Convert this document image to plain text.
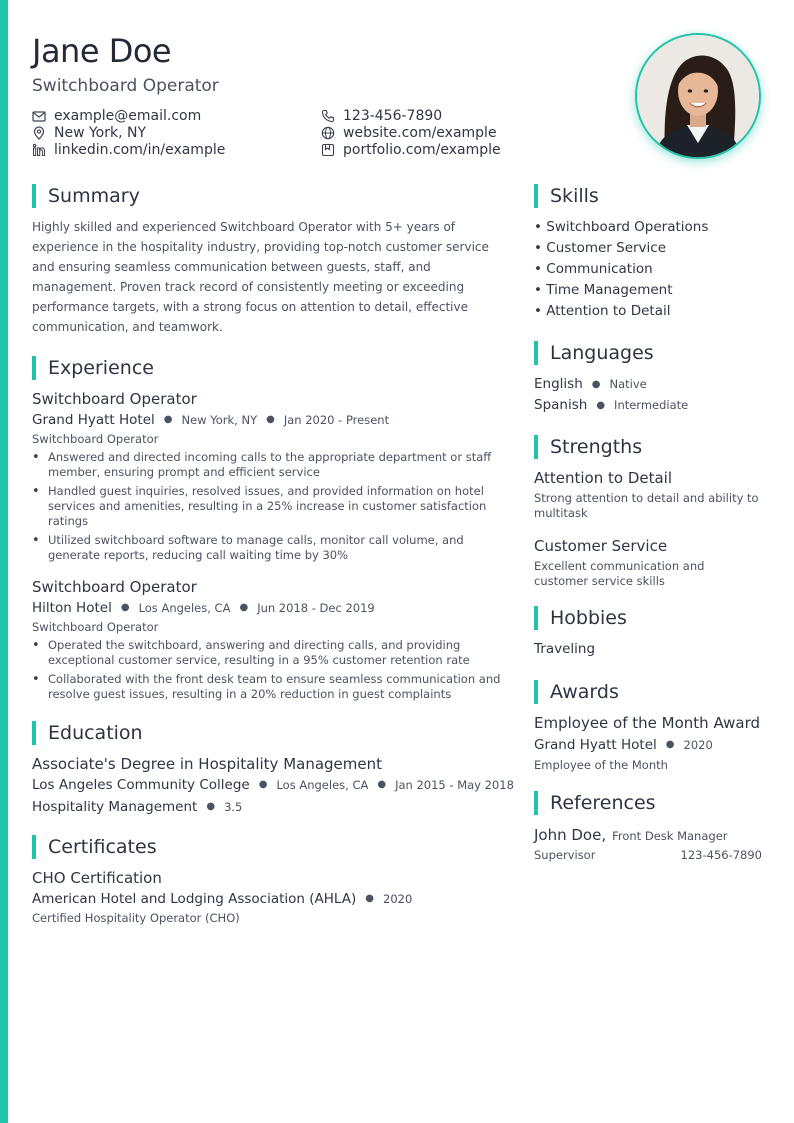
Jane Doe
Switchboard Operator
example@email.com	123-456-7890
New York, NY	website.com/example
linkedin.com/in/example	portfolio.com/example
Summary

Highly skilled and experienced Switchboard Operator with 5+ years of experience in the hospitality industry, providing top-notch customer service and ensuring seamless communication between guests, staff, and management. Proven track record of consistently meeting or exceeding performance targets, with a strong focus on attention to detail, effective communication, and teamwork.

Experience
Switchboard Operator
Grand Hyatt Hotel ● New York, NY ● Jan 2020 - Present
Switchboard Operator
• Answered and directed incoming calls to the appropriate department or staff member, ensuring prompt and efficient service
• Handled guest inquiries, resolved issues, and provided information on hotel services and amenities, resulting in a 25% increase in customer satisfaction ratings
• Utilized switchboard software to manage calls, monitor call volume, and generate reports, reducing call waiting time by 30%
Switchboard Operator
Hilton Hotel ● Los Angeles, CA ● Jun 2018 - Dec 2019
Switchboard Operator
• Operated the switchboard, answering and directing calls, and providing exceptional customer service, resulting in a 95% customer retention rate
• Collaborated with the front desk team to ensure seamless communication and resolve guest issues, resulting in a 20% reduction in guest complaints
Education
Associate's Degree in Hospitality Management
Los Angeles Community College ● Los Angeles, CA ● Jan 2015 - May 2018
Hospitality Management ● 3.5
Certificates
CHO Certification
American Hotel and Lodging Association (AHLA) ● 2020
Certified Hospitality Operator (CHO)
Skills
• Switchboard Operations
• Customer Service
• Communication
• Time Management
• Attention to Detail
Languages
English ● Native
Spanish ● Intermediate
Strengths
Attention to Detail
Strong attention to detail and ability to multitask
Customer Service
Excellent communication and customer service skills
Hobbies
Traveling
Awards
Employee of the Month Award
Grand Hyatt Hotel ● 2020
Employee of the Month
References
John Doe, Front Desk Manager
Supervisor	123-456-7890
